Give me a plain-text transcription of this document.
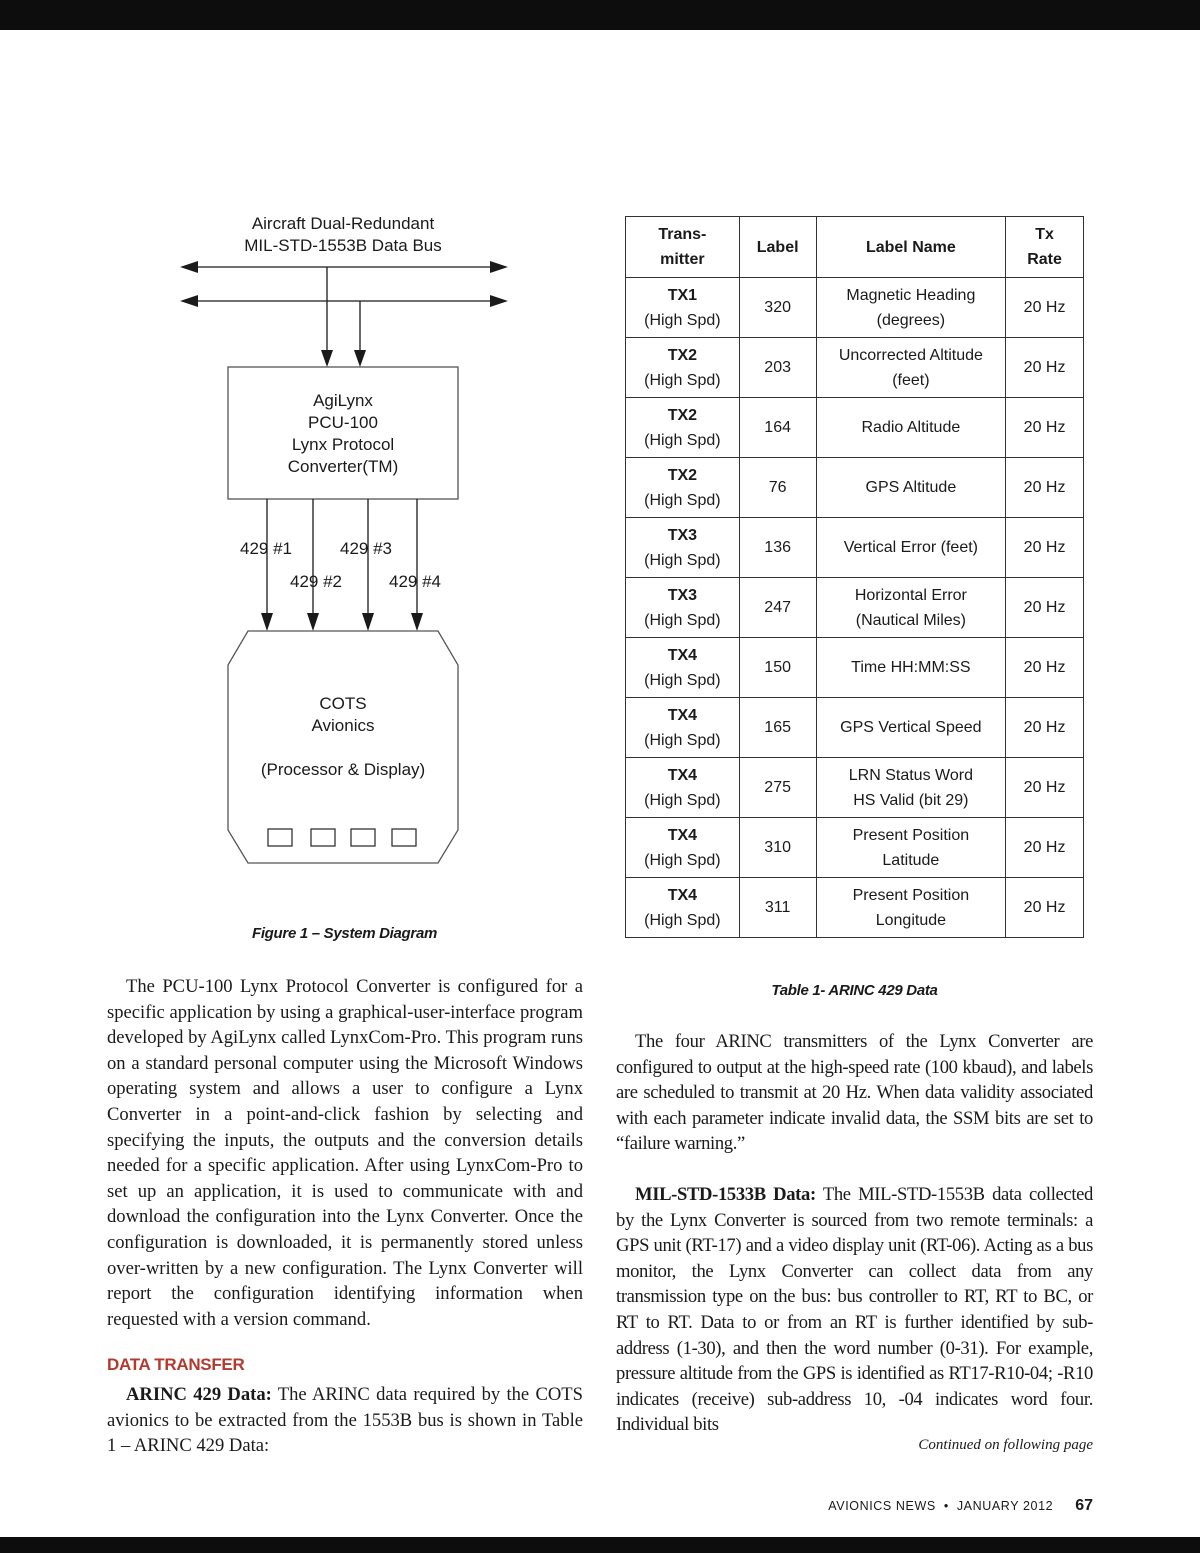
Aircraft Dual-Redundant
MIL-STD-1553B Data Bus
AgiLynx
PCU-100
Lynx Protocol
Converter(TM)
429 #1
429 #2
429 #3
429 #4
COTS
Avionics
(Processor & Display)
Figure 1 – System Diagram
Trans-
mitter	Label	Label Name	Tx
Rate

TX1
(High Spd)	320	Magnetic Heading
(degrees)	20 Hz

TX2
(High Spd)	203	Uncorrected Altitude
(feet)	20 Hz

TX2
(High Spd)	164	Radio Altitude	20 Hz

TX2
(High Spd)	76	GPS Altitude	20 Hz

TX3
(High Spd)	136	Vertical Error (feet)	20 Hz

TX3
(High Spd)	247	Horizontal Error
(Nautical Miles)	20 Hz

TX4
(High Spd)	150	Time HH:MM:SS	20 Hz

TX4
(High Spd)	165	GPS Vertical Speed	20 Hz

TX4
(High Spd)	275	LRN Status Word
HS Valid (bit 29)	20 Hz

TX4
(High Spd)	310	Present Position
Latitude	20 Hz

TX4
(High Spd)	311	Present Position
Longitude	20 Hz
Table 1- ARINC 429 Data

The PCU-100 Lynx Protocol Converter is configured for a specific application by using a graphical-user-interface program developed by AgiLynx called LynxCom-Pro. This program runs on a standard personal computer using the Microsoft Windows operating system and allows a user to configure a Lynx Converter in a point-and-click fashion by selecting and specifying the inputs, the outputs and the conversion details needed for a specific application. After using LynxCom-Pro to set up an application, it is used to communicate with and download the configuration into the Lynx Converter. Once the configuration is downloaded, it is permanently stored unless over-written by a new configuration. The Lynx Converter will report the configuration identifying information when requested with a version command.

DATA TRANSFER

ARINC 429 Data: The ARINC data required by the COTS avionics to be extracted from the 1553B bus is shown in Table 1 – ARINC 429 Data:

The four ARINC transmitters of the Lynx Converter are configured to output at the high-speed rate (100 kbaud), and labels are scheduled to transmit at 20 Hz. When data validity associated with each parameter indicate invalid data, the SSM bits are set to “failure warning.”

MIL-STD-1533B Data: The MIL-STD-1553B data collected by the Lynx Converter is sourced from two remote terminals: a GPS unit (RT-17) and a video display unit (RT-06). Acting as a bus monitor, the Lynx Converter can collect data from any transmission type on the bus: bus controller to RT, RT to BC, or RT to RT. Data to or from an RT is further identified by sub-address (1-30), and then the word number (0-31). For example, pressure altitude from the GPS is identified as RT17-R10-04; -R10 indicates (receive) sub-address 10, -04 indicates word four. Individual bits

Continued on following page
AVIONICS NEWS • JANUARY 2012 67
